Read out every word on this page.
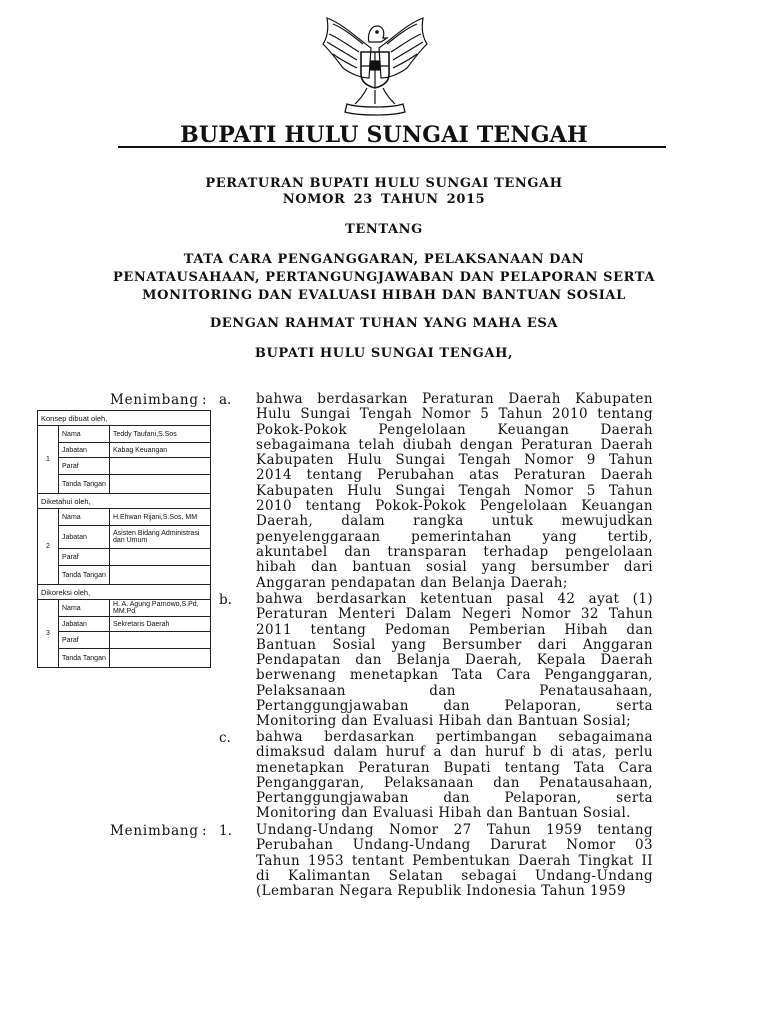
BUPATI HULU SUNGAI TENGAH
PERATURAN BUPATI HULU SUNGAI TENGAH
NOMOR 23 TAHUN 2015
TENTANG
TATA CARA PENGANGGARAN, PELAKSANAAN DAN
PENATAUSAHAAN, PERTANGUNGJAWABAN DAN PELAPORAN SERTA
MONITORING DAN EVALUASI HIBAH DAN BANTUAN SOSIAL
DENGAN RAHMAT TUHAN YANG MAHA ESA
BUPATI HULU SUNGAI TENGAH,
Konsep dibuat oleh,		
1	Nama	Teddy Taufani,S.Sos
	Jabatan	Kabag Keuangan
	Paraf	
	Tanda Tangan	
Diketahui oleh,		
2	Nama	H.Ehwan Rijani,S.Sos, MM
	Jabatan	Asisten Bidang Administrasi dan Umum
	Paraf	
	Tanda Tangan	
Dikoreksi oleh,		
3	Nama	H. A. Agung Parnowo,S.Pd, MM.Pd
	Jabatan	Sekretaris Daerah
	Paraf	
	Tanda Tangan	
Menimbang : a. bahwa berdasarkan Peraturan Daerah Kabupaten
Hulu Sungai Tengah Nomor 5 Tahun 2010 tentang
Pokok-Pokok Pengelolaan Keuangan Daerah
sebagaimana telah diubah dengan Peraturan Daerah
Kabupaten Hulu Sungai Tengah Nomor 9 Tahun
2014 tentang Perubahan atas Peraturan Daerah
Kabupaten Hulu Sungai Tengah Nomor 5 Tahun
2010 tentang Pokok-Pokok Pengelolaan Keuangan
Daerah, dalam rangka untuk mewujudkan
penyelenggaraan pemerintahan yang tertib,
akuntabel dan transparan terhadap pengelolaan
hibah dan bantuan sosial yang bersumber dari
Anggaran pendapatan dan Belanja Daerah;
b. bahwa berdasarkan ketentuan pasal 42 ayat (1)
Peraturan Menteri Dalam Negeri Nomor 32 Tahun
2011 tentang Pedoman Pemberian Hibah dan
Bantuan Sosial yang Bersumber dari Anggaran
Pendapatan dan Belanja Daerah, Kepala Daerah
berwenang menetapkan Tata Cara Penganggaran,
Pelaksanaan dan Penatausahaan,
Pertanggungjawaban dan Pelaporan, serta
Monitoring dan Evaluasi Hibah dan Bantuan Sosial;
c. bahwa berdasarkan pertimbangan sebagaimana
dimaksud dalam huruf a dan huruf b di atas, perlu
menetapkan Peraturan Bupati tentang Tata Cara
Penganggaran, Pelaksanaan dan Penatausahaan,
Pertanggungjawaban dan Pelaporan, serta
Monitoring dan Evaluasi Hibah dan Bantuan Sosial.
Menimbang : 1. Undang-Undang Nomor 27 Tahun 1959 tentang
Perubahan Undang-Undang Darurat Nomor 03
Tahun 1953 tentant Pembentukan Daerah Tingkat II
di Kalimantan Selatan sebagai Undang-Undang
(Lembaran Negara Republik Indonesia Tahun 1959
